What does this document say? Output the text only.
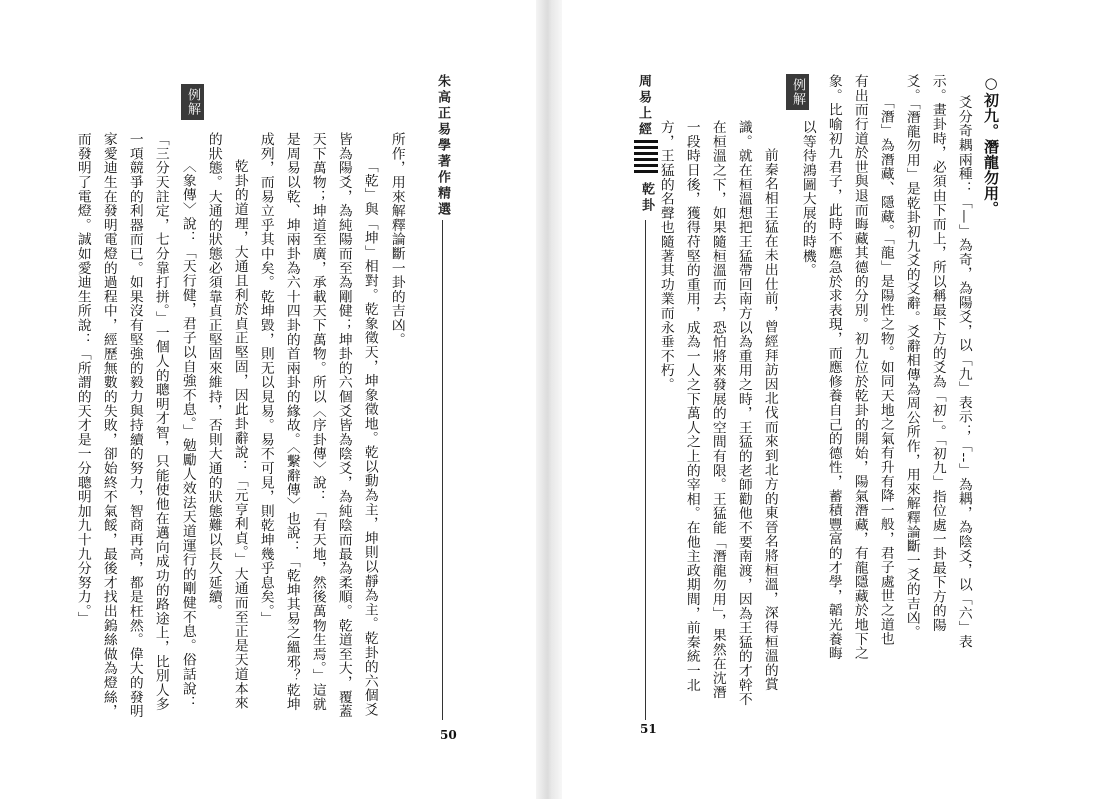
朱高正易學著作精選
50
例解
所作，用來解釋論斷一卦的吉凶。
「乾」與「坤」相對。乾象徵天，坤象徵地。乾以動為主，坤則以靜為主。乾卦的六個爻
皆為陽爻，為純陽而至為剛健；坤卦的六個爻皆為陰爻，為純陰而最為柔順。乾道至大，覆蓋
天下萬物；坤道至廣，承載天下萬物。所以〈序卦傳〉說：「有天地，然後萬物生焉。」這就
是周易以乾、坤兩卦為六十四卦的首兩卦的緣故。〈繫辭傳〉也說：「乾坤其易之縕邪？乾坤
成列，而易立乎其中矣。乾坤毀，則无以見易。易不可見，則乾坤幾乎息矣。」
乾卦的道理，大通且利於貞正堅固，因此卦辭說：「元亨利貞。」大通而至正是天道本來
的狀態。大通的狀態必須靠貞正堅固來維持，否則大通的狀態難以長久延續。
〈象傳〉說：「天行健，君子以自強不息。」勉勵人效法天道運行的剛健不息。俗話說：
「三分天註定，七分靠打拼。」一個人的聰明才智，只能使他在邁向成功的路途上，比別人多
一項競爭的利器而已。如果沒有堅強的毅力與持續的努力，智商再高，都是枉然。偉大的發明
家愛迪生在發明電燈的過程中，經歷無數的失敗，卻始終不氣餒，最後才找出鎢絲做為燈絲，
而發明了電燈。誠如愛迪生所說：「所謂的天才是一分聰明加九十九分努力。」
周易上經
乾卦
51
例解	○初九。潛龍勿用。
爻分奇耦兩種：「—」為奇，為陽爻，以「九」表示；「--」為耦，為陰爻，以「六」表
示。畫卦時，必須由下而上，所以稱最下方的爻為「初」。「初九」指位處一卦最下方的陽
爻。「潛龍勿用」是乾卦初九爻的爻辭。爻辭相傳為周公所作，用來解釋論斷一爻的吉凶。
「潛」為潛藏、隱藏。「龍」是陽性之物。如同天地之氣有升有降一般，君子處世之道也
有出而行道於世與退而晦藏其德的分別。初九位於乾卦的開始，陽氣潛藏，有龍隱藏於地下之
象。比喻初九君子，此時不應急於求表現，而應修養自己的德性，蓄積豐富的才學，韜光養晦
以等待鴻圖大展的時機。
前秦名相王猛在未出仕前，曾經拜訪因北伐而來到北方的東晉名將桓溫，深得桓溫的賞
識。就在桓溫想把王猛帶回南方以為重用之時，王猛的老師勸他不要南渡，因為王猛的才幹不
在桓溫之下，如果隨桓溫而去，恐怕將來發展的空間有限。王猛能「潛龍勿用」，果然在沈潛
一段時日後，獲得苻堅的重用，成為一人之下萬人之上的宰相。在他主政期間，前秦統一北
方，王猛的名聲也隨著其功業而永垂不朽。
